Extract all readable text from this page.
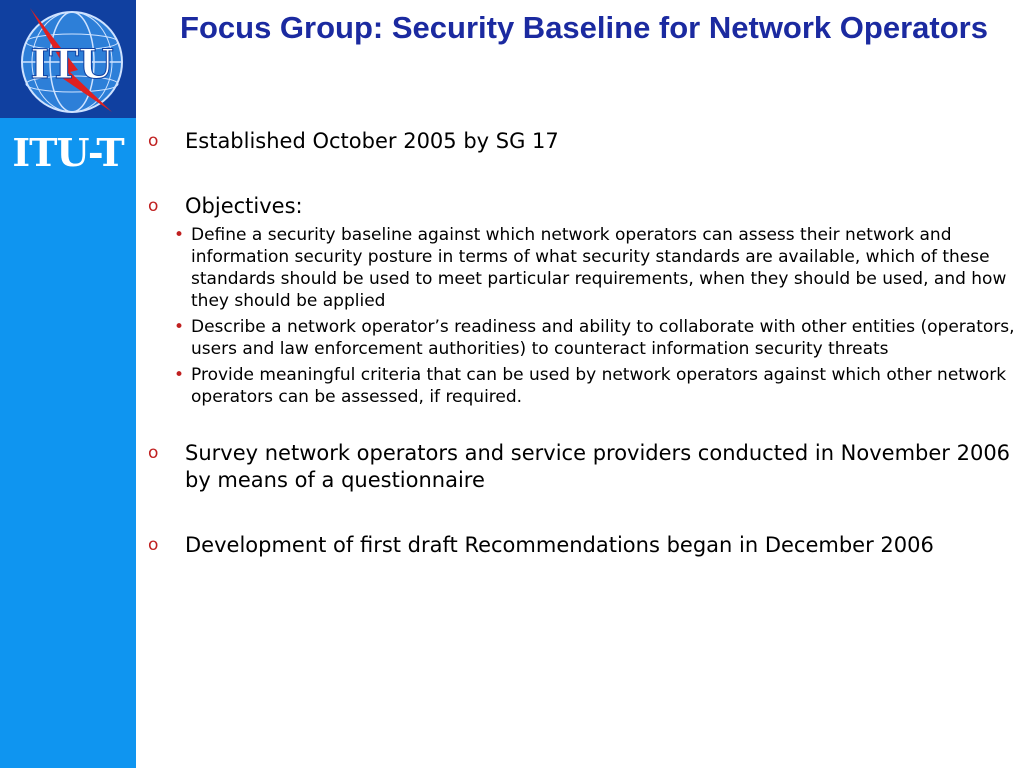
ITU
ITU-T
Focus Group: Security Baseline for Network Operators
o Established October 2005 by SG 17
o Objectives:
• Define a security baseline against which network operators can assess their network and information security posture in terms of what security standards are available, which of these standards should be used to meet particular requirements, when they should be used, and how they should be applied
• Describe a network operator’s readiness and ability to collaborate with other entities (operators, users and law enforcement authorities) to counteract information security threats
• Provide meaningful criteria that can be used by network operators against which other network operators can be assessed, if required.
o Survey network operators and service providers conducted in November 2006 by means of a questionnaire
o Development of first draft Recommendations began in December 2006
